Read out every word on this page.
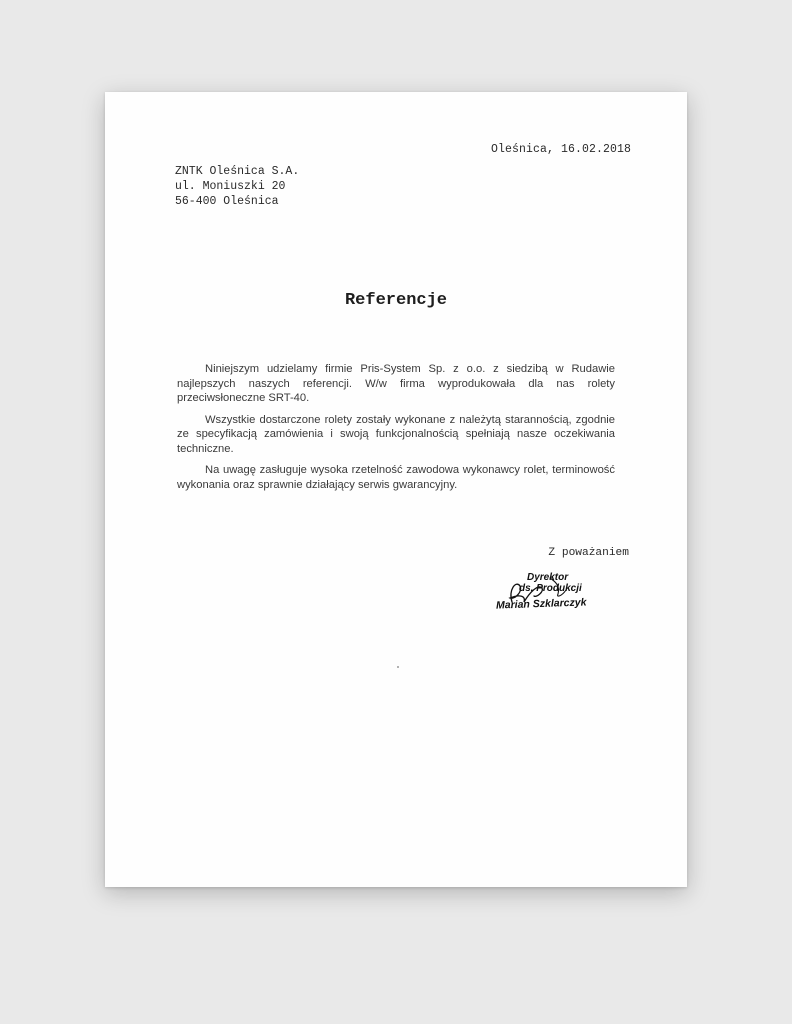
Oleśnica, 16.02.2018
ZNTK Oleśnica S.A.
ul. Moniuszki 20
56-400 Oleśnica
Referencje

Niniejszym udzielamy firmie Pris-System Sp. z o.o. z siedzibą w Rudawie najlepszych naszych referencji. W/w firma wyprodukowała dla nas rolety przeciwsłoneczne SRT-40.

Wszystkie dostarczone rolety zostały wykonane z należytą starannością, zgodnie ze specyfikacją zamówienia i swoją funkcjonalnością spełniają nasze oczekiwania techniczne.

Na uwagę zasługuje wysoka rzetelność zawodowa wykonawcy rolet, terminowość wykonania oraz sprawnie działający serwis gwarancyjny.

Z poważaniem
Dyrektor
ds. Produkcji
Marian Szklarczyk
